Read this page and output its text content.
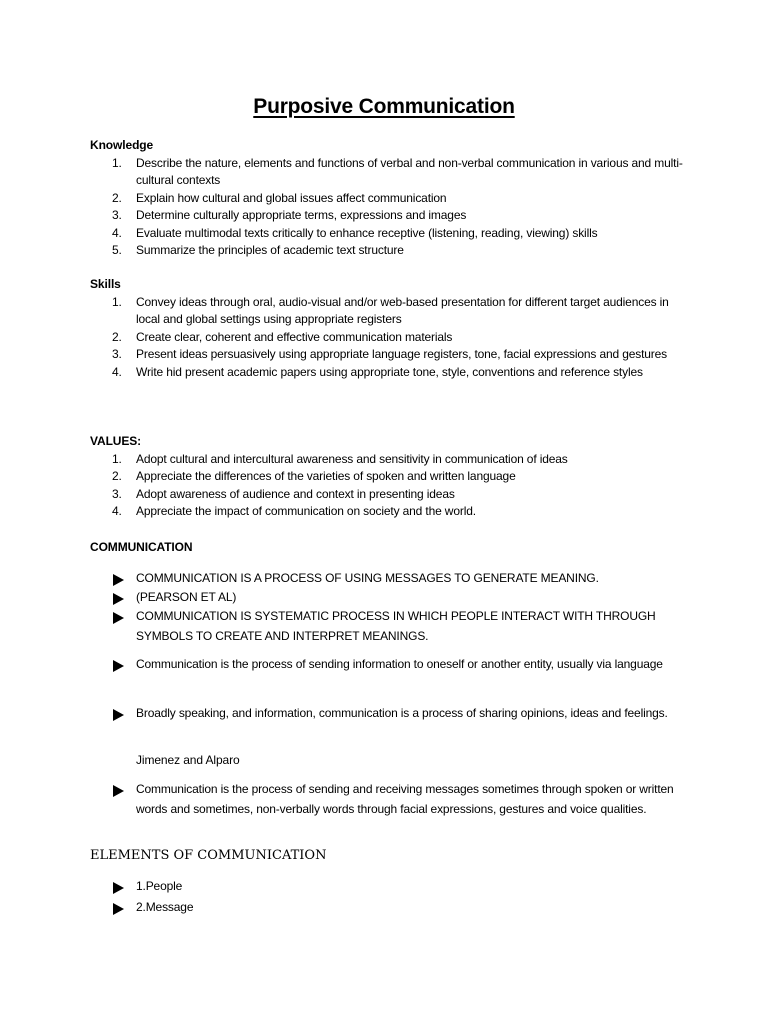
Purposive Communication
Knowledge
1. Describe the nature, elements and functions of verbal and non-verbal communication in various and multi- cultural contexts
2. Explain how cultural and global issues affect communication
3. Determine culturally appropriate terms, expressions and images
4. Evaluate multimodal texts critically to enhance receptive (listening, reading, viewing) skills
5. Summarize the principles of academic text structure
Skills
1. Convey ideas through oral, audio-visual and/or web-based presentation for different target audiences in local and global settings using appropriate registers
2. Create clear, coherent and effective communication materials
3. Present ideas persuasively using appropriate language registers, tone, facial expressions and gestures
4. Write hid present academic papers using appropriate tone, style, conventions and reference styles
VALUES:
1. Adopt cultural and intercultural awareness and sensitivity in communication of ideas
2. Appreciate the differences of the varieties of spoken and written language
3. Adopt awareness of audience and context in presenting ideas
4. Appreciate the impact of communication on society and the world.
COMMUNICATION
COMMUNICATION IS A PROCESS OF USING MESSAGES TO GENERATE MEANING.
(PEARSON ET AL)
COMMUNICATION IS SYSTEMATIC PROCESS IN WHICH PEOPLE INTERACT WITH THROUGH SYMBOLS TO CREATE AND INTERPRET MEANINGS.
Communication is the process of sending information to oneself or another entity, usually via language
Broadly speaking, and information, communication is a process of sharing opinions, ideas and feelings.
Jimenez and Alparo
Communication is the process of sending and receiving messages sometimes through spoken or written words and sometimes, non-verbally words through facial expressions, gestures and voice qualities.
ELEMENTS OF COMMUNICATION
1.People
2.Message
